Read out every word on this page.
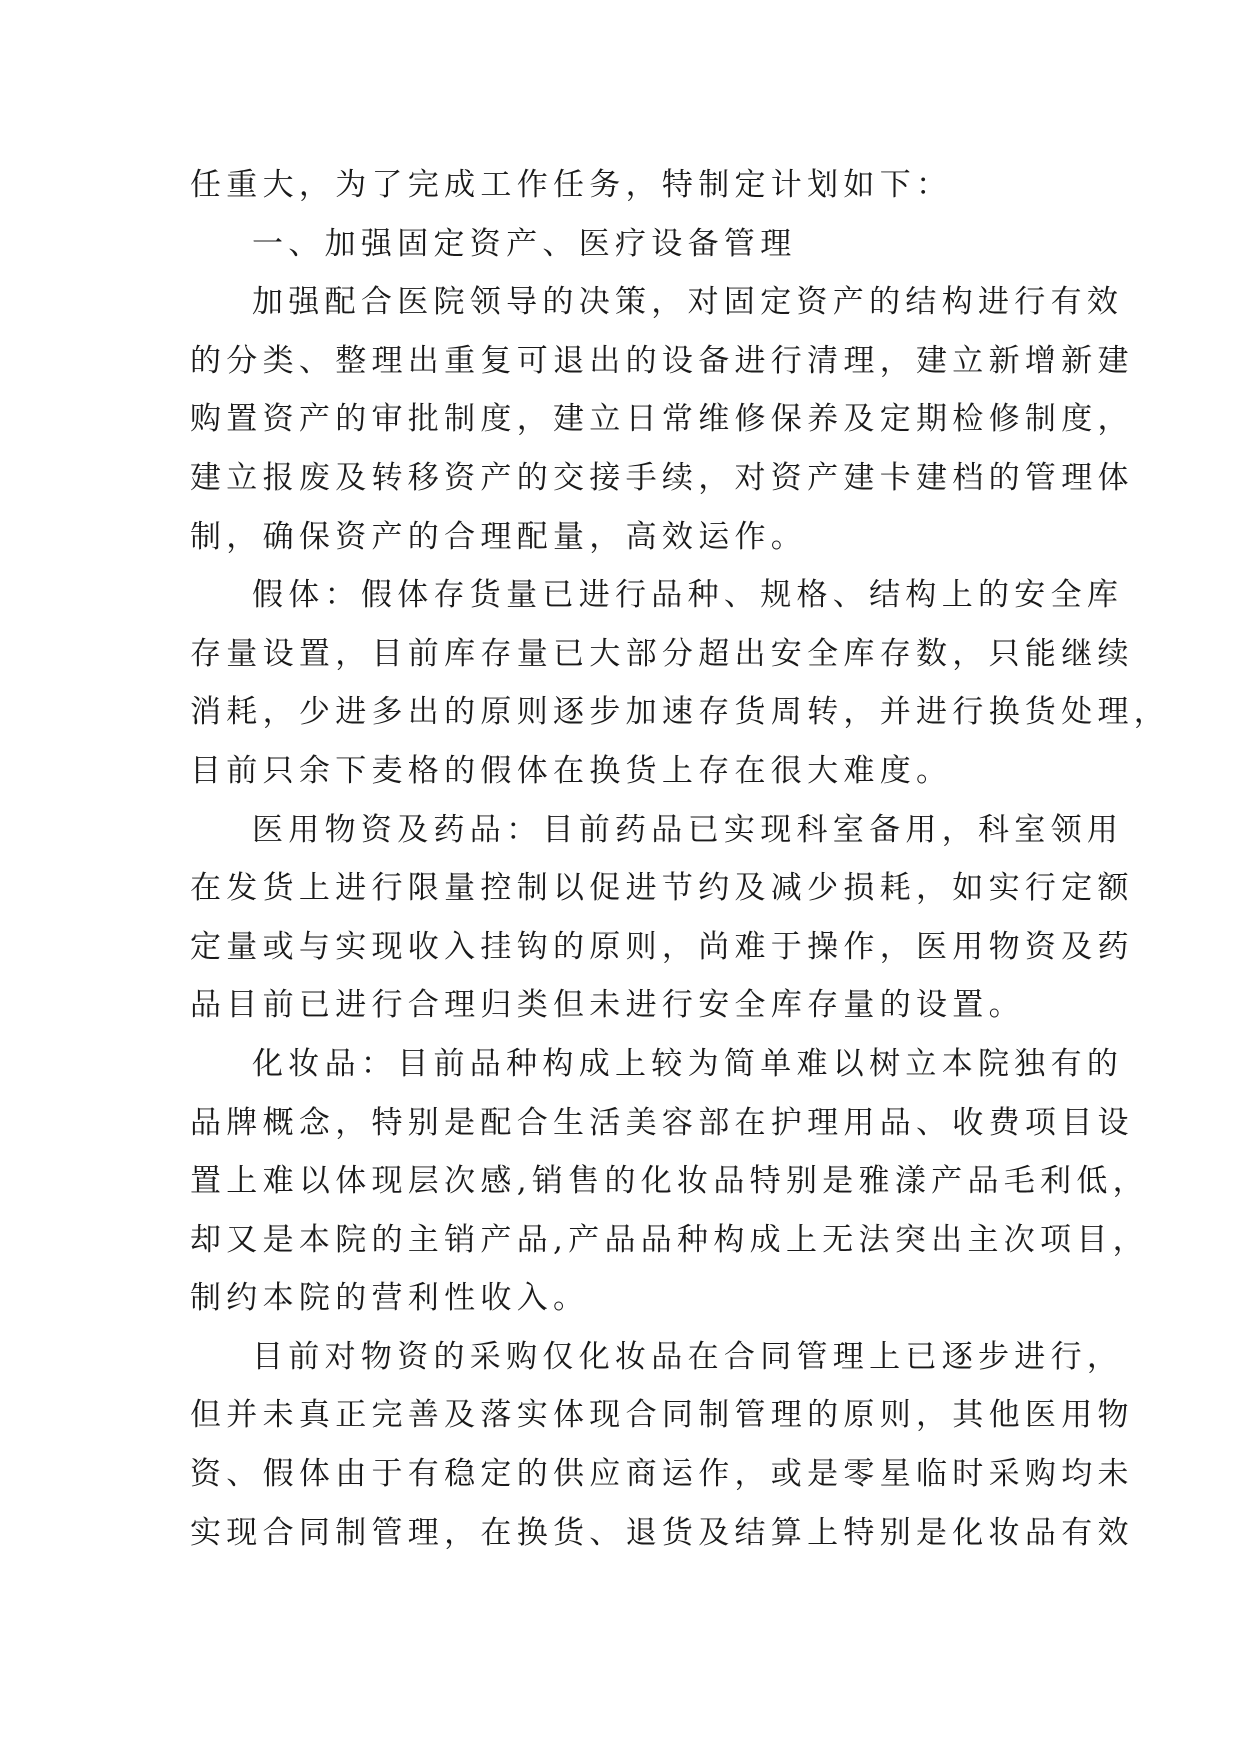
任重大，为了完成工作任务，特制定计划如下：
一、加强固定资产、医疗设备管理
加强配合医院领导的决策，对固定资产的结构进行有效
的分类、整理出重复可退出的设备进行清理，建立新增新建
购置资产的审批制度，建立日常维修保养及定期检修制度，
建立报废及转移资产的交接手续，对资产建卡建档的管理体
制，确保资产的合理配量，高效运作。
假体：假体存货量已进行品种、规格、结构上的安全库
存量设置，目前库存量已大部分超出安全库存数，只能继续
消耗，少进多出的原则逐步加速存货周转，并进行换货处理，
目前只余下麦格的假体在换货上存在很大难度。
医用物资及药品：目前药品已实现科室备用，科室领用
在发货上进行限量控制以促进节约及减少损耗，如实行定额
定量或与实现收入挂钩的原则，尚难于操作，医用物资及药
品目前已进行合理归类但未进行安全库存量的设置。
化妆品：目前品种构成上较为简单难以树立本院独有的
品牌概念，特别是配合生活美容部在护理用品、收费项目设
置上难以体现层次感,销售的化妆品特别是雅漾产品毛利低，
却又是本院的主销产品,产品品种构成上无法突出主次项目，
制约本院的营利性收入。
目前对物资的采购仅化妆品在合同管理上已逐步进行，
但并未真正完善及落实体现合同制管理的原则，其他医用物
资、假体由于有稳定的供应商运作，或是零星临时采购均未
实现合同制管理，在换货、退货及结算上特别是化妆品有效
